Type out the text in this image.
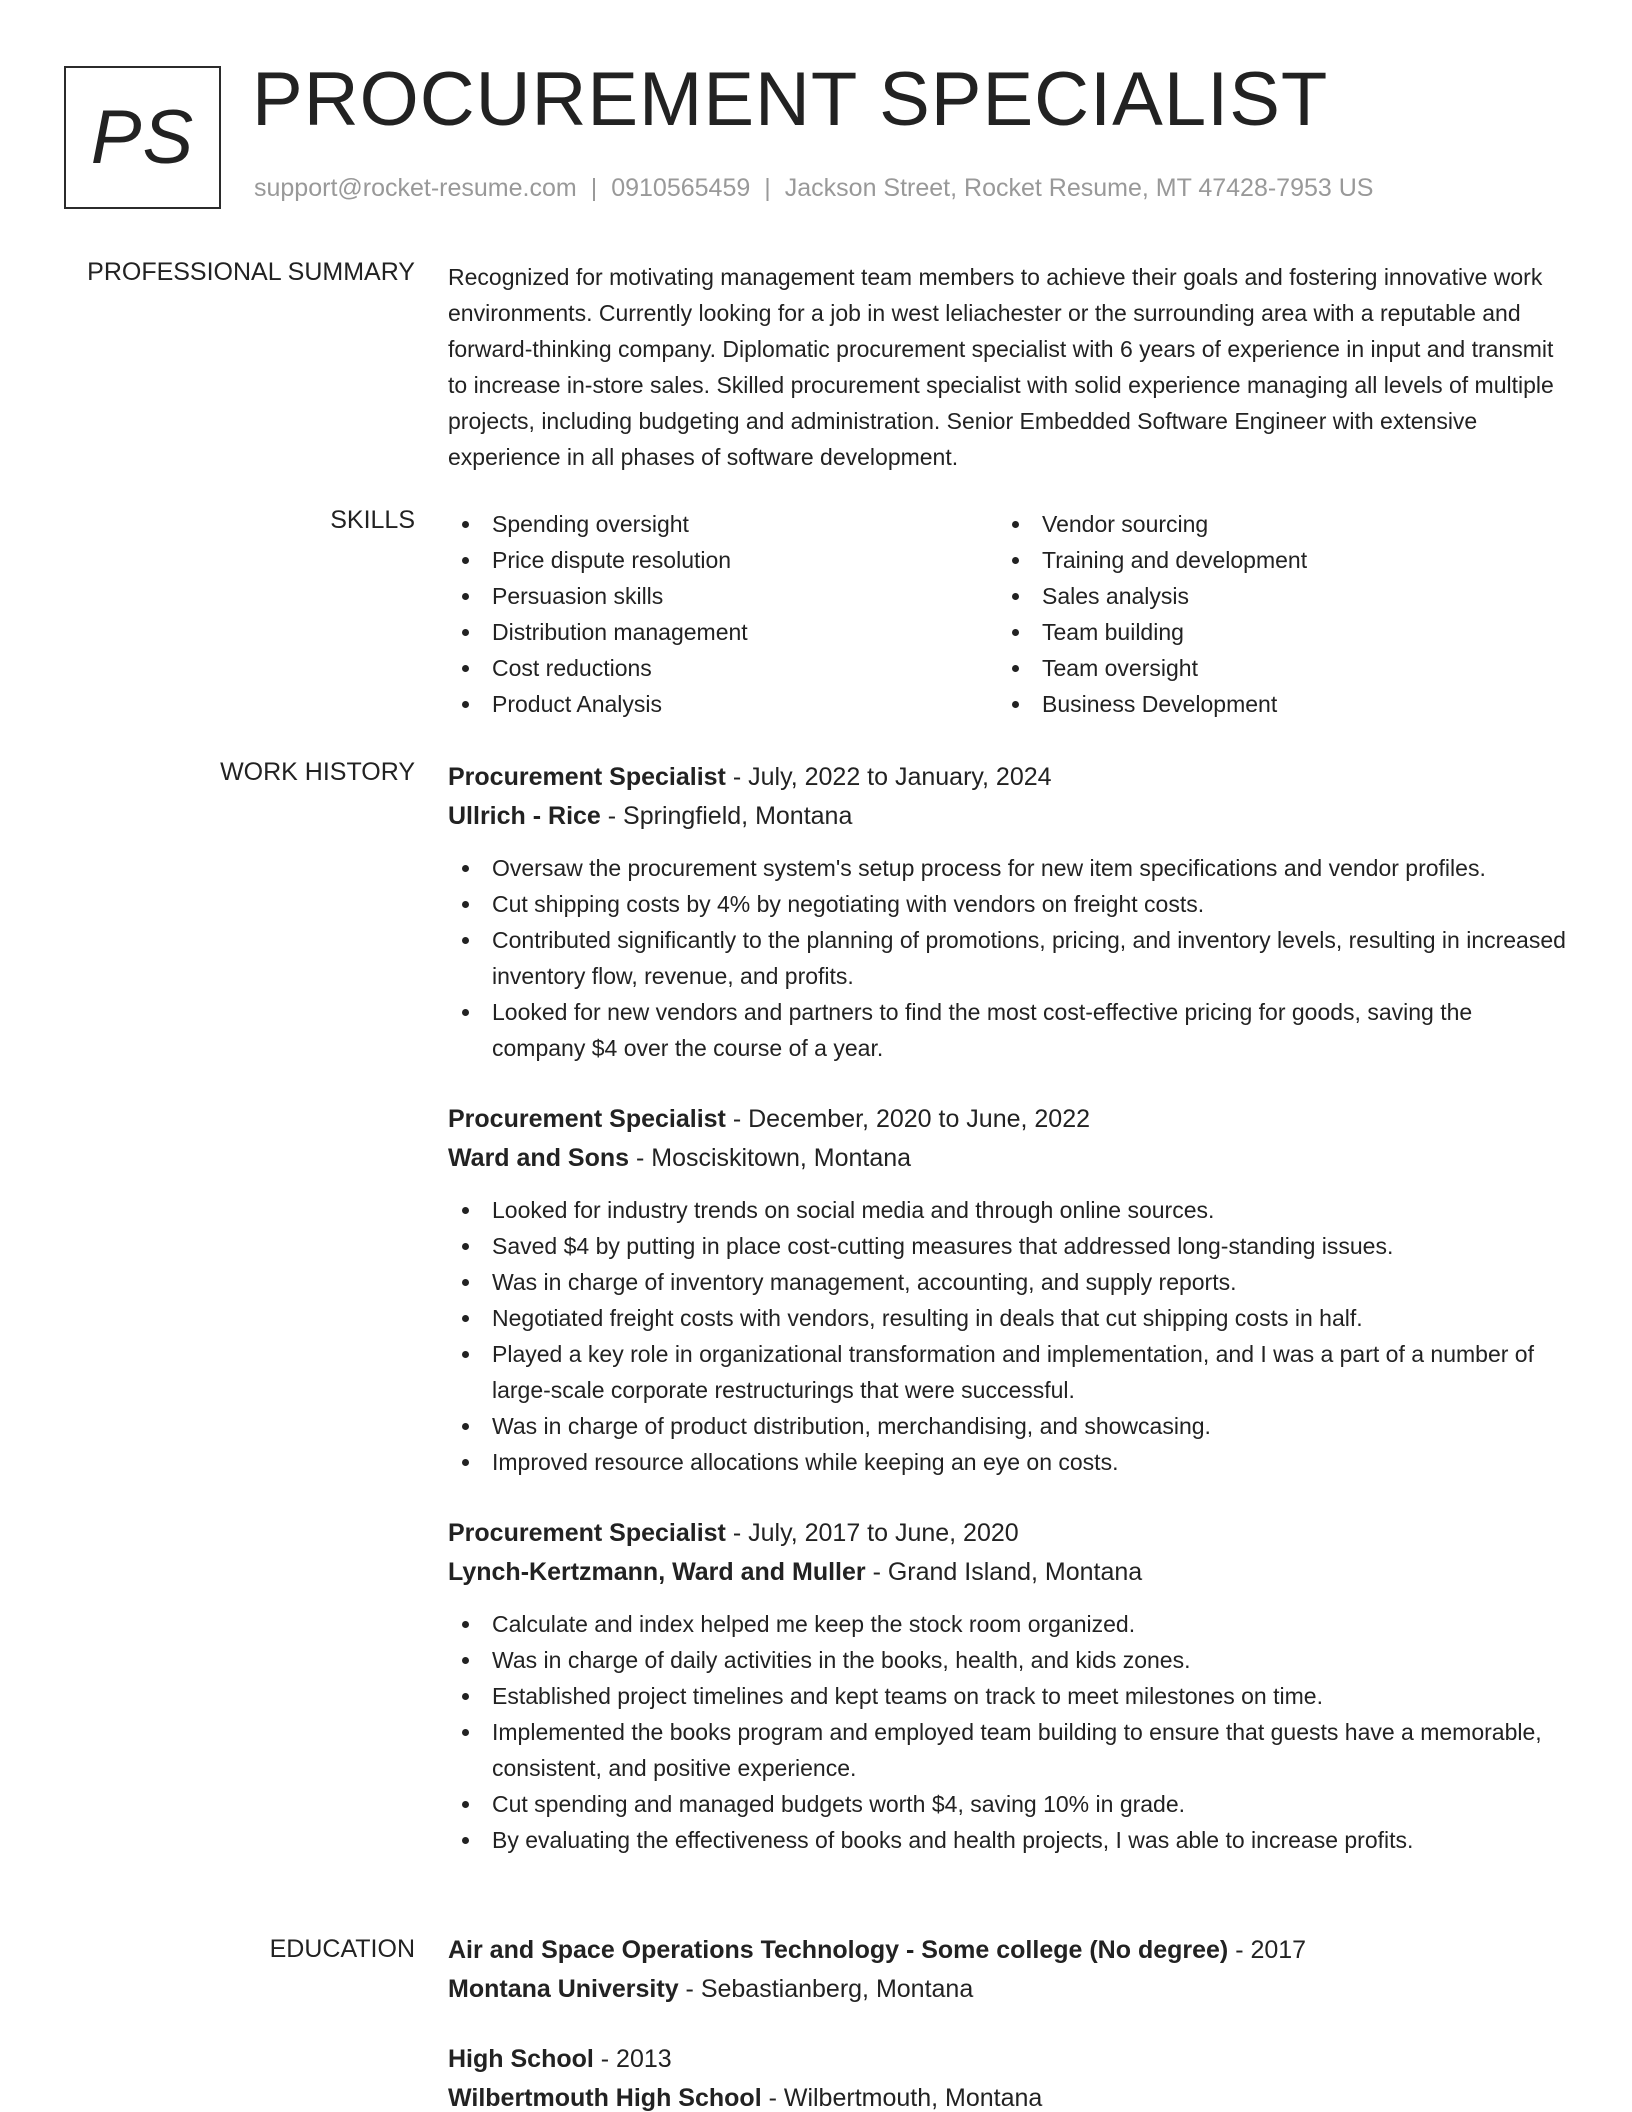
PS PROCUREMENT SPECIALIST
support@rocket-resume.com | 0910565459 | Jackson Street, Rocket Resume, MT 47428-7953 US
PROFESSIONAL SUMMARY Recognized for motivating management team members to achieve their goals and fostering innovative work environments. Currently looking for a job in west leliachester or the surrounding area with a reputable and forward-thinking company. Diplomatic procurement specialist with 6 years of experience in input and transmit to increase in-store sales. Skilled procurement specialist with solid experience managing all levels of multiple projects, including budgeting and administration. Senior Embedded Software Engineer with extensive experience in all phases of software development.
SKILLS	Spending oversight
Price dispute resolution
Persuasion skills
Distribution management
Cost reductions
Product Analysis
Vendor sourcing
Training and development
Sales analysis
Team building
Team oversight
Business Development
WORK HISTORY Procurement Specialist - July, 2022 to January, 2024
Ullrich - Rice - Springfield, Montana
Oversaw the procurement system's setup process for new item specifications and vendor profiles.
Cut shipping costs by 4% by negotiating with vendors on freight costs.
Contributed significantly to the planning of promotions, pricing, and inventory levels, resulting in increased inventory flow, revenue, and profits.
Looked for new vendors and partners to find the most cost-effective pricing for goods, saving the company $4 over the course of a year.
Procurement Specialist - December, 2020 to June, 2022
Ward and Sons - Mosciskitown, Montana
Looked for industry trends on social media and through online sources.
Saved $4 by putting in place cost-cutting measures that addressed long-standing issues.
Was in charge of inventory management, accounting, and supply reports.
Negotiated freight costs with vendors, resulting in deals that cut shipping costs in half.
Played a key role in organizational transformation and implementation, and I was a part of a number of large-scale corporate restructurings that were successful.
Was in charge of product distribution, merchandising, and showcasing.
Improved resource allocations while keeping an eye on costs.
Procurement Specialist - July, 2017 to June, 2020
Lynch-Kertzmann, Ward and Muller - Grand Island, Montana
Calculate and index helped me keep the stock room organized.
Was in charge of daily activities in the books, health, and kids zones.
Established project timelines and kept teams on track to meet milestones on time.
Implemented the books program and employed team building to ensure that guests have a memorable, consistent, and positive experience.
Cut spending and managed budgets worth $4, saving 10% in grade.
By evaluating the effectiveness of books and health projects, I was able to increase profits.
EDUCATION Air and Space Operations Technology - Some college (No degree) - 2017
Montana University - Sebastianberg, Montana
High School - 2013
Wilbertmouth High School - Wilbertmouth, Montana
